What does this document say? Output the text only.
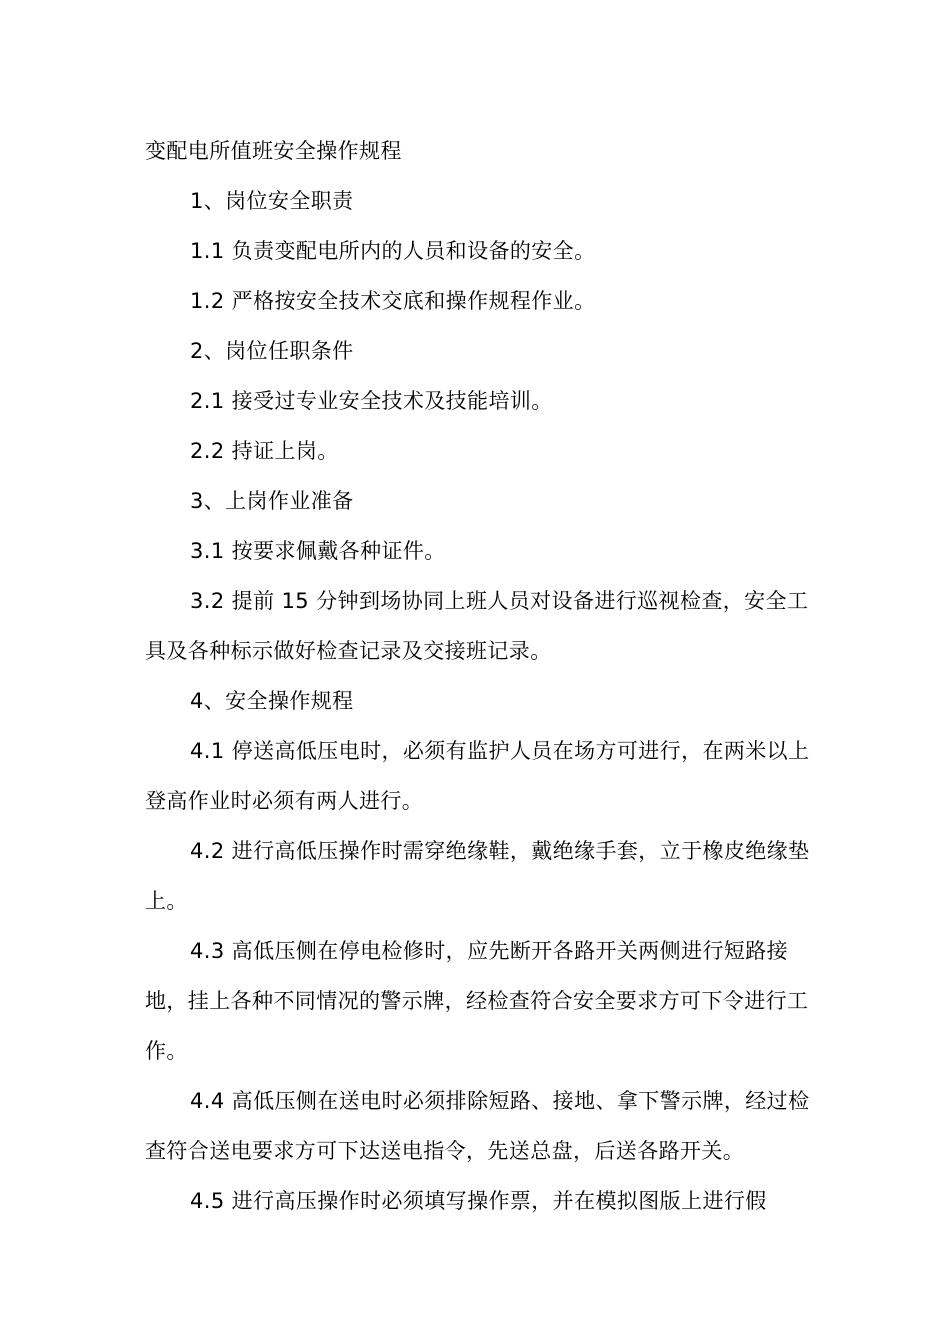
变配电所值班安全操作规程

1、岗位安全职责

1.1 负责变配电所内的人员和设备的安全。

1.2 严格按安全技术交底和操作规程作业。

2、岗位任职条件

2.1 接受过专业安全技术及技能培训。

2.2 持证上岗。

3、上岗作业准备

3.1 按要求佩戴各种证件。

3.2 提前 15 分钟到场协同上班人员对设备进行巡视检查，安全工具及各种标示做好检查记录及交接班记录。

4、安全操作规程

4.1 停送高低压电时，必须有监护人员在场方可进行，在两米以上登高作业时必须有两人进行。

4.2 进行高低压操作时需穿绝缘鞋，戴绝缘手套，立于橡皮绝缘垫上。

4.3 高低压侧在停电检修时，应先断开各路开关两侧进行短路接地，挂上各种不同情况的警示牌，经检查符合安全要求方可下令进行工作。

4.4 高低压侧在送电时必须排除短路、接地、拿下警示牌，经过检查符合送电要求方可下达送电指令，先送总盘，后送各路开关。

4.5 进行高压操作时必须填写操作票，并在模拟图版上进行假
